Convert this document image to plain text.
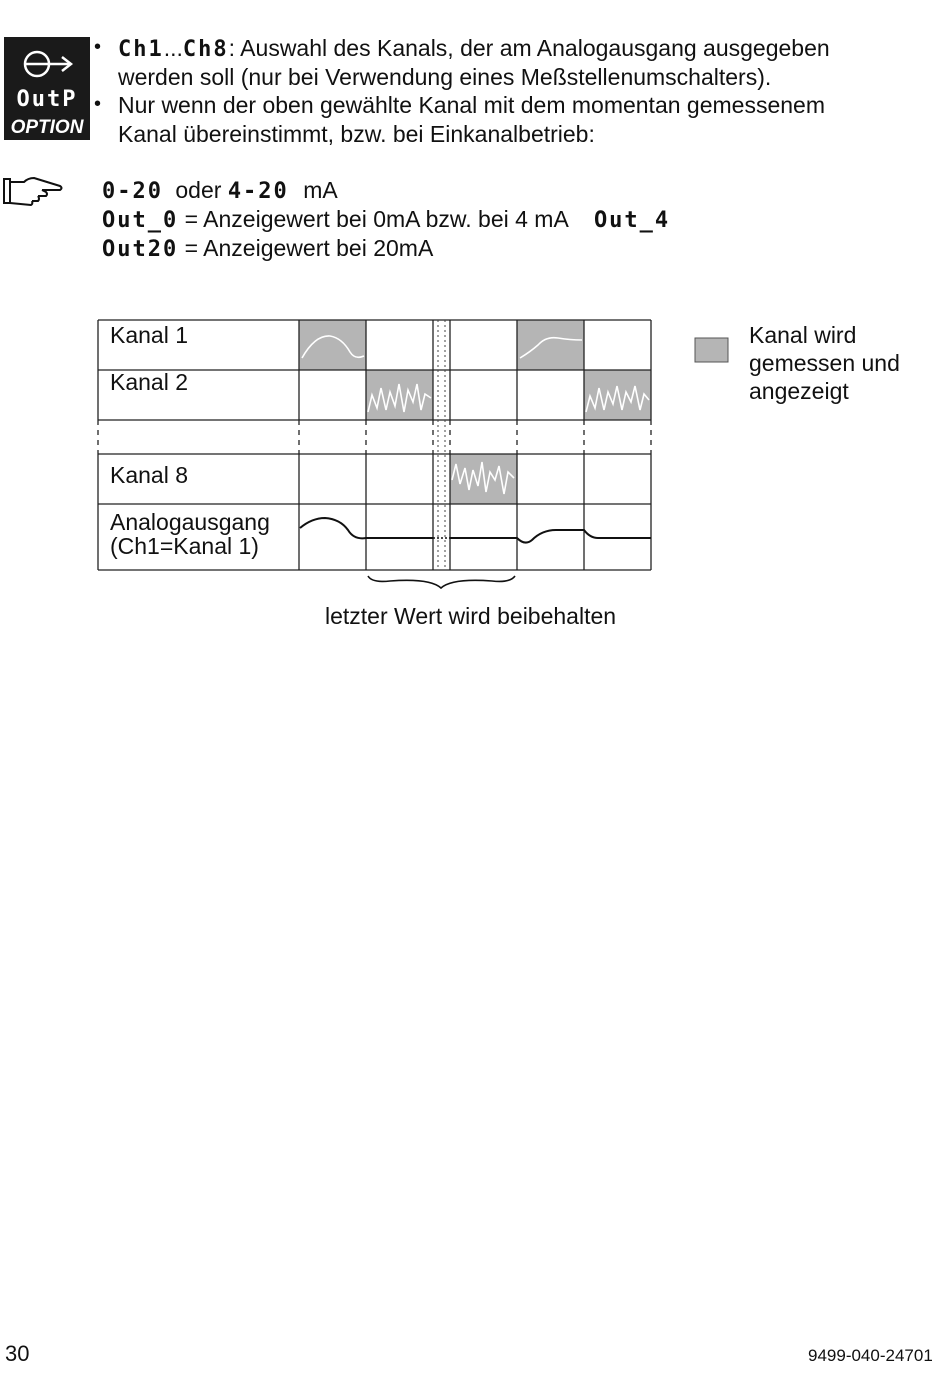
OutP
OPTION
• Ch1...Ch8: Auswahl des Kanals, der am Analogausgang ausgegeben
werden soll (nur bei Verwendung eines Meßstellenumschalters).
• Nur wenn der oben gewählte Kanal mit dem momentan gemessenem
Kanal übereinstimmt, bzw. bei Einkanalbetrieb:
0-20 oder 4-20 mA
Out_0 = Anzeigewert bei 0mA bzw. bei 4 mA Out_4
Out20 = Anzeigewert bei 20mA
Kanal 1
Kanal 2
Kanal 8
Analogausgang
(Ch1=Kanal 1)
Kanal wird
gemessen und
angezeigt
letzter Wert wird beibehalten
30	9499-040-24701
